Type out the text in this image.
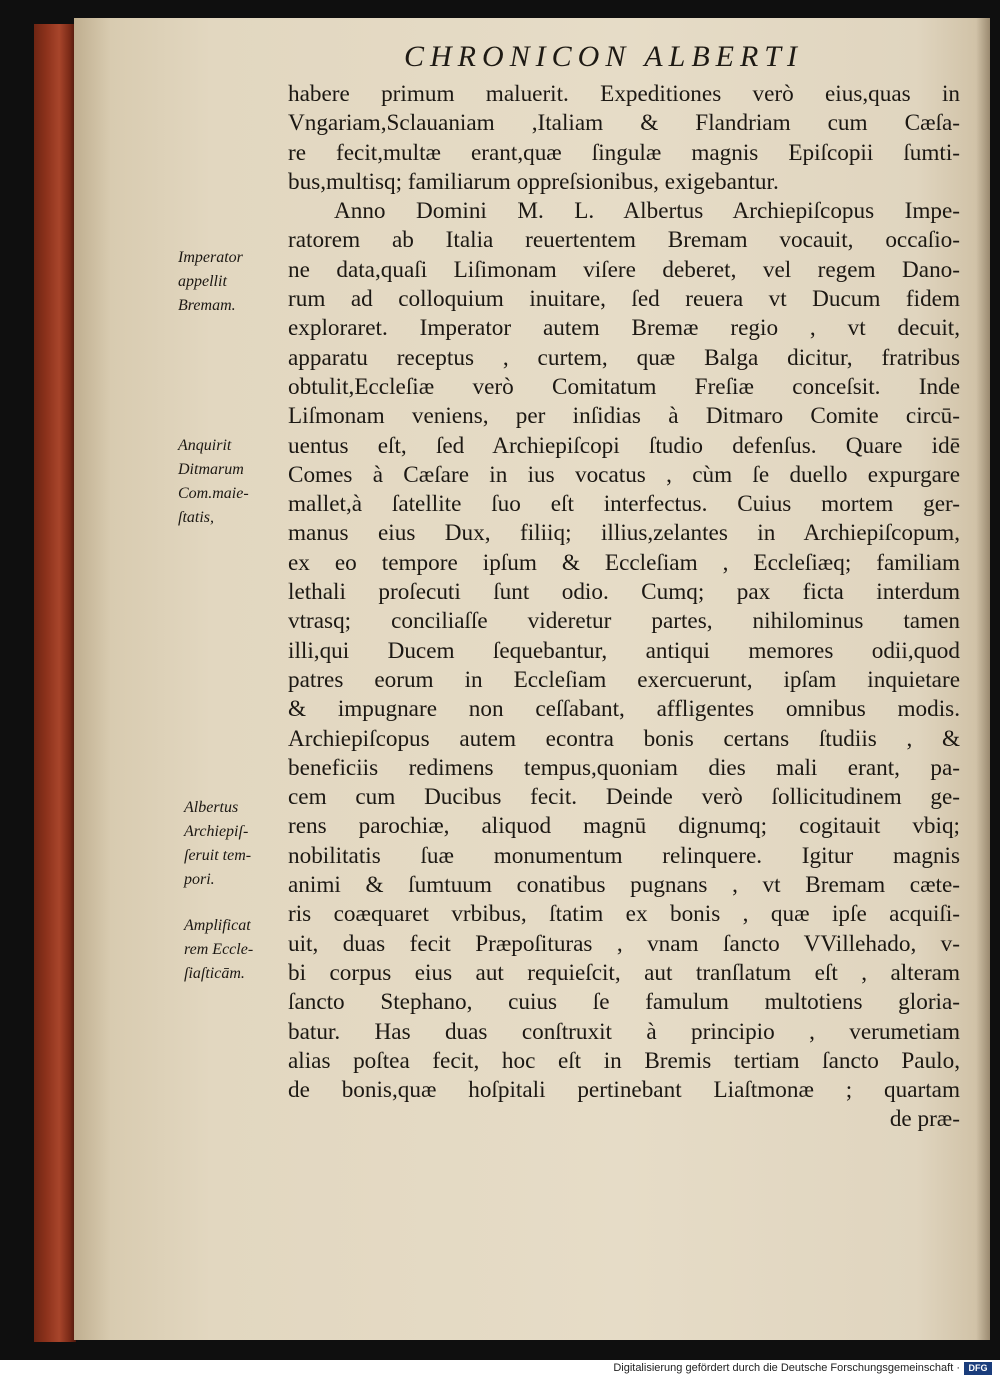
CHRONICON ALBERTI
habere primum maluerit. Expeditiones verò eius,quas in
Vngariam,Sclauaniam ,Italiam & Flandriam cum Cæſa-
re fecit,multæ erant,quæ ſingulæ magnis Epiſcopii ſumti-
bus,multisq; familiarum oppreſsionibus, exigebantur.
Anno Domini M. L. Albertus Archiepiſcopus Impe-
ratorem ab Italia reuertentem Bremam vocauit, occaſio-
ne data,quaſi Liſimonam viſere deberet, vel regem Dano-
rum ad colloquium inuitare, ſed reuera vt Ducum fidem
exploraret. Imperator autem Bremæ regio , vt decuit,
apparatu receptus , curtem, quæ Balga dicitur, fratribus
obtulit,Eccleſiæ verò Comitatum Freſiæ conceſsit. Inde
Liſmonam veniens, per inſidias à Ditmaro Comite circū-
uentus eſt, ſed Archiepiſcopi ſtudio defenſus. Quare idē
Comes à Cæſare in ius vocatus , cùm ſe duello expurgare
mallet,à ſatellite ſuo eſt interfectus. Cuius mortem ger-
manus eius Dux, filiiq; illius,zelantes in Archiepiſcopum,
ex eo tempore ipſum & Eccleſiam , Eccleſiæq; familiam
lethali proſecuti ſunt odio. Cumq; pax ficta interdum
vtrasq; conciliaſſe videretur partes, nihilominus tamen
illi,qui Ducem ſequebantur, antiqui memores odii,quod
patres eorum in Eccleſiam exercuerunt, ipſam inquietare
& impugnare non ceſſabant, affligentes omnibus modis.
Archiepiſcopus autem econtra bonis certans ſtudiis , &
beneficiis redimens tempus,quoniam dies mali erant, pa-
cem cum Ducibus fecit. Deinde verò ſollicitudinem ge-
rens parochiæ, aliquod magnū dignumq; cogitauit vbiq;
nobilitatis ſuæ monumentum relinquere. Igitur magnis
animi & ſumtuum conatibus pugnans , vt Bremam cæte-
ris coæquaret vrbibus, ſtatim ex bonis , quæ ipſe acquiſi-
uit, duas fecit Præpoſituras , vnam ſancto VVillehado, v-
bi corpus eius aut requieſcit, aut tranſlatum eſt , alteram
ſancto Stephano, cuius ſe famulum multotiens gloria-
batur. Has duas conſtruxit à principio , verumetiam
alias poſtea fecit, hoc eſt in Bremis tertiam ſancto Paulo,
de bonis,quæ hoſpitali pertinebant Liaſtmonæ ; quartam
de præ-
Imperator
appellit
Bremam.
Anquirit
Ditmarum
Com.maie-
ſtatis,
Albertus
Archiepiſ-
ſeruit tem-
pori.
Amplificat
rem Eccle-
ſiaſticām.
Digitalisierung gefördert durch die Deutsche Forschungsgemeinschaft · DFG
